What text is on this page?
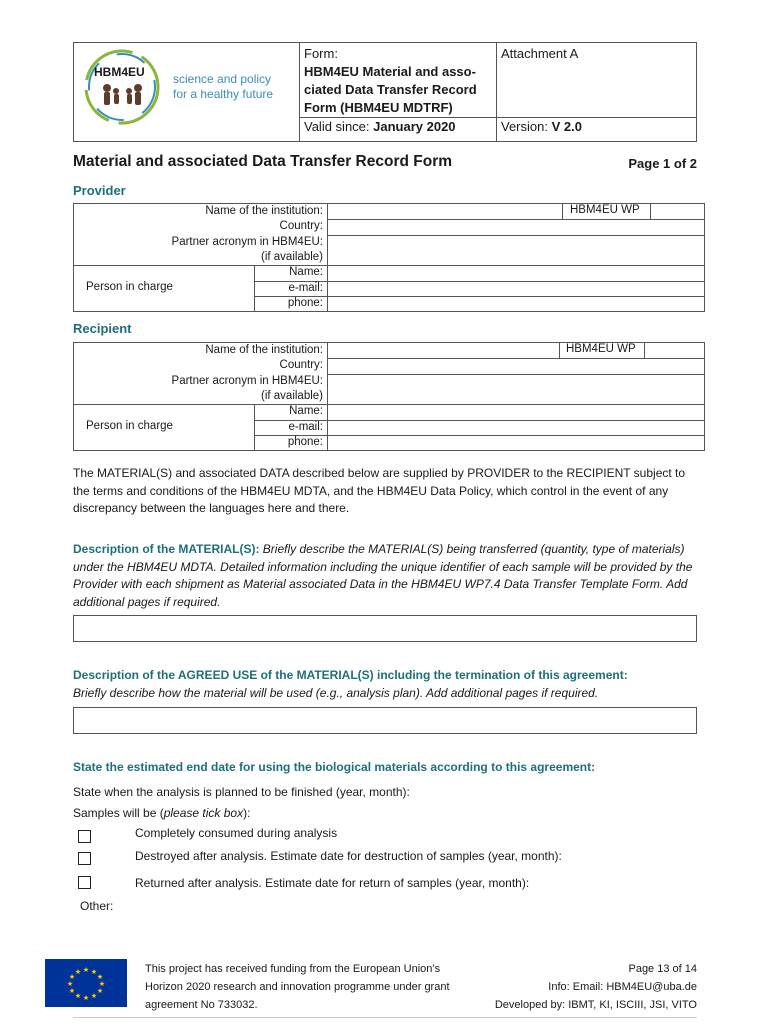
HBM4EU science and policy
for a healthy future
Form:
HBM4EU Material and asso-
ciated Data Transfer Record
Form (HBM4EU MDTRF)
Valid since: January 2020
Attachment A
Version: V 2.0
Material and associated Data Transfer Record Form	Page 1 of 2
Provider
Name of the institution:
Country:
Partner acronym in HBM4EU:
(if available)
Person in charge
Name:
e-mail:
phone:
HBM4EU WP
Recipient
Name of the institution:
Country:
Partner acronym in HBM4EU:
(if available)
Person in charge
Name:
e-mail:
phone:
HBM4EU WP
The MATERIAL(S) and associated DATA described below are supplied by PROVIDER to the RECIPIENT subject to the terms and conditions of the HBM4EU MDTA, and the HBM4EU Data Policy, which control in the event of any discrepancy between the languages here and there.
Description of the MATERIAL(S): Briefly describe the MATERIAL(S) being transferred (quantity, type of materials) under the HBM4EU MDTA. Detailed information including the unique identifier of each sample will be provided by the Provider with each shipment as Material associated Data in the HBM4EU WP7.4 Data Transfer Template Form. Add additional pages if required.
Description of the AGREED USE of the MATERIAL(S) including the termination of this agreement:
Briefly describe how the material will be used (e.g., analysis plan). Add additional pages if required.
State the estimated end date for using the biological materials according to this agreement:
State when the analysis is planned to be finished (year, month):
Samples will be (please tick box):
Completely consumed during analysis
Destroyed after analysis. Estimate date for destruction of samples (year, month):
Returned after analysis. Estimate date for return of samples (year, month):
Other:
★ ★
★
★
★
★
★
★
★
★
★
★	This project has received funding from the European Union’s
Horizon 2020 research and innovation programme under grant
agreement No 733032.
Page 13 of 14
Info: Email: HBM4EU@uba.de
Developed by: IBMT, KI, ISCIII, JSI, VITO
